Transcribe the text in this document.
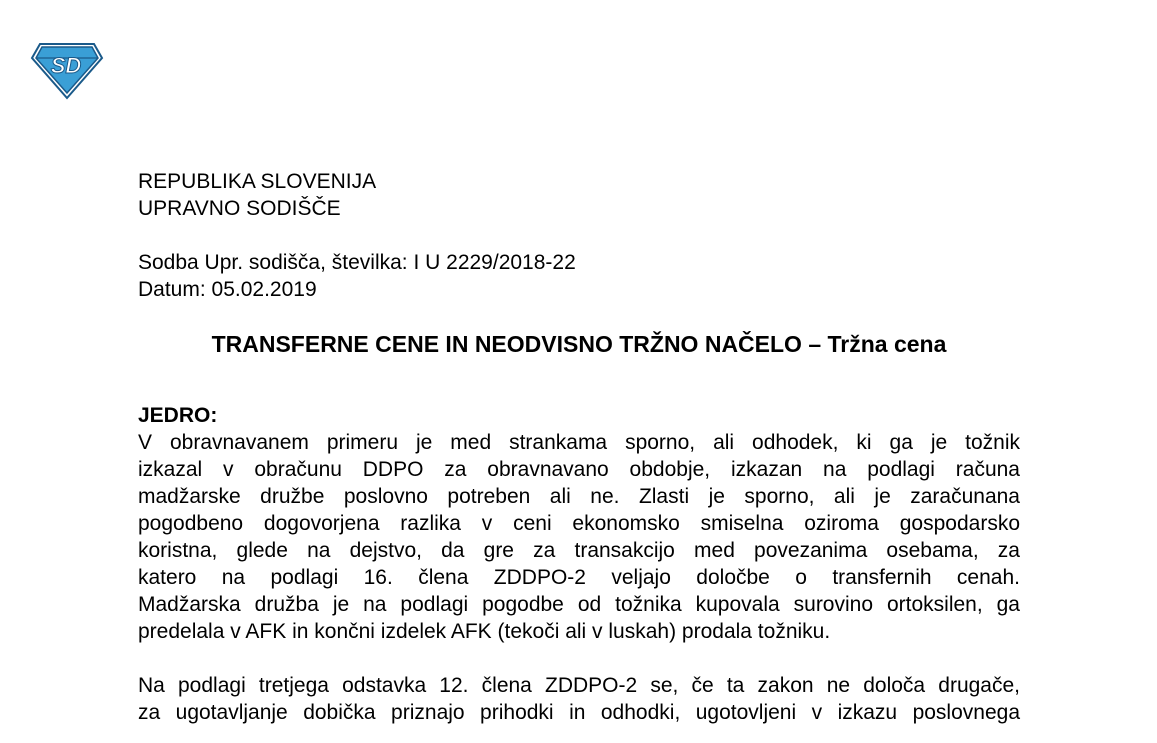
SD
REPUBLIKA SLOVENIJA
UPRAVNO SODIŠČE
Sodba Upr. sodišča, številka: I U 2229/2018-22
Datum: 05.02.2019
TRANSFERNE CENE IN NEODVISNO TRŽNO NAČELO – Tržna cena
JEDRO:
V obravnavanem primeru je med strankama sporno, ali odhodek, ki ga je tožnik
izkazal v obračunu DDPO za obravnavano obdobje, izkazan na podlagi računa
madžarske družbe poslovno potreben ali ne. Zlasti je sporno, ali je zaračunana
pogodbeno dogovorjena razlika v ceni ekonomsko smiselna oziroma gospodarsko
koristna, glede na dejstvo, da gre za transakcijo med povezanima osebama, za
katero na podlagi 16. člena ZDDPO-2 veljajo določbe o transfernih cenah.
Madžarska družba je na podlagi pogodbe od tožnika kupovala surovino ortoksilen, ga
predelala v AFK in končni izdelek AFK (tekoči ali v luskah) prodala tožniku.
Na podlagi tretjega odstavka 12. člena ZDDPO-2 se, če ta zakon ne določa drugače,
za ugotavljanje dobička priznajo prihodki in odhodki, ugotovljeni v izkazu poslovnega
